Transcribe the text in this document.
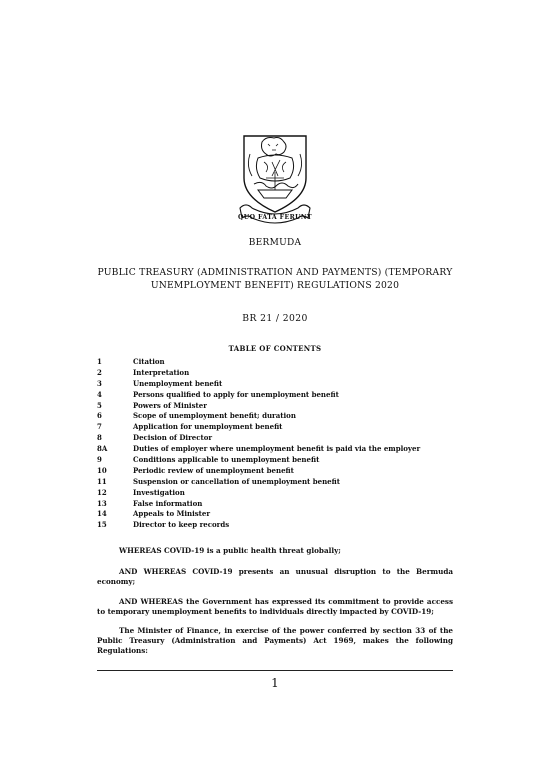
QUO FATA FERUNT
BERMUDA
PUBLIC TREASURY (ADMINISTRATION AND PAYMENTS) (TEMPORARY
UNEMPLOYMENT BENEFIT) REGULATIONS 2020
BR 21 / 2020
TABLE OF CONTENTS
1	Citation
2	Interpretation
3	Unemployment benefit
4	Persons qualified to apply for unemployment benefit
5	Powers of Minister
6	Scope of unemployment benefit; duration
7	Application for unemployment benefit
8	Decision of Director
8A	Duties of employer where unemployment benefit is paid via the employer
9	Conditions applicable to unemployment benefit
10	Periodic review of unemployment benefit
11	Suspension or cancellation of unemployment benefit
12	Investigation
13	False information
14	Appeals to Minister
15	Director to keep records
WHEREAS COVID-19 is a public health threat globally;
AND WHEREAS COVID-19 presents an unusual disruption to the Bermuda economy;
AND WHEREAS the Government has expressed its commitment to provide access to temporary unemployment benefits to individuals directly impacted by COVID-19;
The Minister of Finance, in exercise of the power conferred by section 33 of the Public Treasury (Administration and Payments) Act 1969, makes the following Regulations:
1
